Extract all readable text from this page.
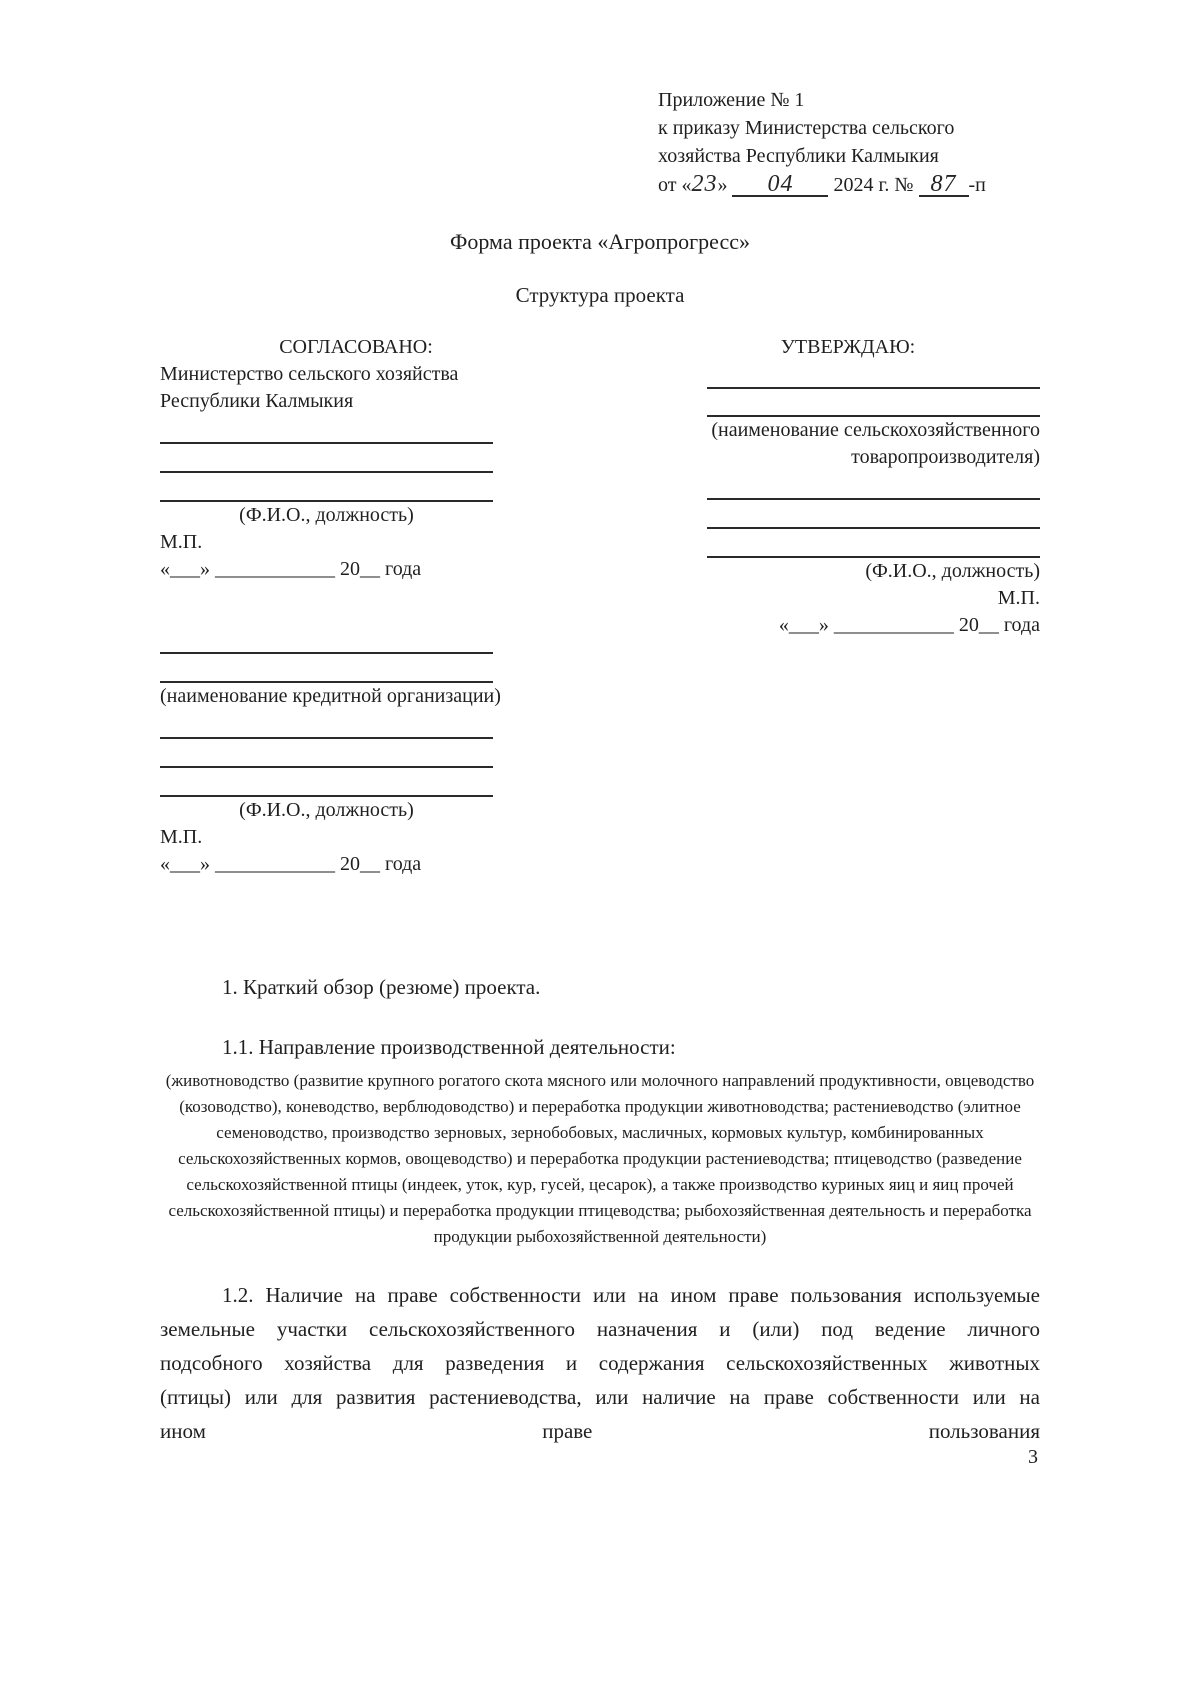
Приложение № 1
к приказу Министерства сельского
хозяйства Республики Калмыкия
от «23» 04 2024 г. № 87 -п
Форма проекта «Агропрогресс»
Структура проекта
СОГЛАСОВАНО:
Министерство сельского хозяйства
Республики Калмыкия
(Ф.И.О., должность)
М.П.
«___» ____________ 20__ года
(наименование кредитной организации)
(Ф.И.О., должность)
М.П.
«___» ____________ 20__ года
УТВЕРЖДАЮ:
(наименование сельскохозяйственного
товаропроизводителя)
(Ф.И.О., должность)
М.П.
«___» ____________ 20__ года

1. Краткий обзор (резюме) проекта.

1.1. Направление производственной деятельности:

(животноводство (развитие крупного рогатого скота мясного или молочного направлений продуктивности, овцеводство (козоводство), коневодство, верблюдоводство) и переработка продукции животноводства; растениеводство (элитное семеноводство, производство зерновых, зернобобовых, масличных, кормовых культур, комбинированных сельскохозяйственных кормов, овощеводство) и переработка продукции растениеводства; птицеводство (разведение сельскохозяйственной птицы (индеек, уток, кур, гусей, цесарок), а также производство куриных яиц и яиц прочей сельскохозяйственной птицы) и переработка продукции птицеводства; рыбохозяйственная деятельность и переработка продукции рыбохозяйственной деятельности)

1.2. Наличие на праве собственности или на ином праве пользования используемые земельные участки сельскохозяйственного назначения и (или) под ведение личного подсобного хозяйства для разведения и содержания сельскохозяйственных животных (птицы) или для развития растениеводства, или наличие на праве собственности или на ином праве пользования

3
